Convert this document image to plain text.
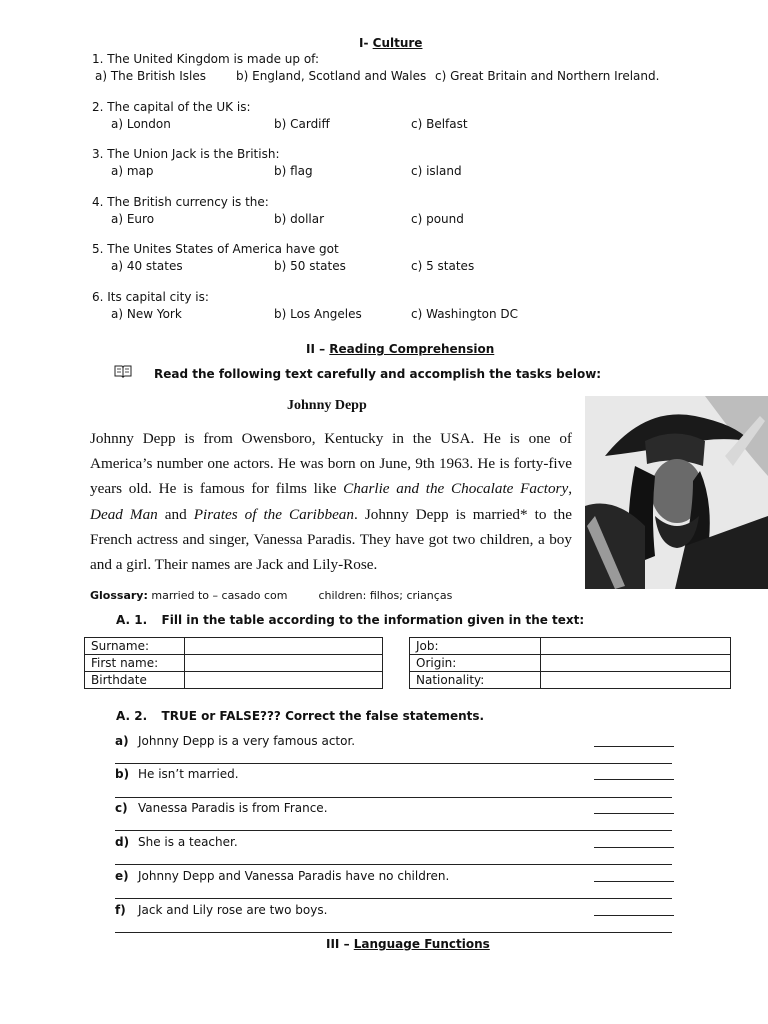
I- Culture
1. The United Kingdom is made up of:
a) The British Isles	b) England, Scotland and Wales c) Great Britain and Northern Ireland.
2. The capital of the UK is:
a) London	b) Cardiff	c) Belfast
3. The Union Jack is the British:
a) map	b) flag	c) island
4. The British currency is the:
a) Euro	b) dollar	c) pound
5. The Unites States of America have got
a) 40 states	b) 50 states	c) 5 states
6. Its capital city is:
a) New York	b) Los Angeles	c) Washington DC
II – Reading Comprehension
Read the following text carefully and accomplish the tasks below:
Johnny Depp
Johnny Depp is from Owensboro, Kentucky in the USA. He is one of America’s number one actors. He was born on June, 9th 1963. He is forty-five years old. He is famous for films like Charlie and the Chocalate Factory, Dead Man and Pirates of the Caribbean. Johnny Depp is married* to the French actress and singer, Vanessa Paradis. They have got two children, a boy and a girl. Their names are Jack and Lily-Rose.
Glossary: married to – casado com	children: filhos; crianças
A. 1. Fill in the table according to the information given in the text:
Surname:	
First name:	
Birthdate	
Job:	
Origin:	
Nationality:	
A. 2. TRUE or FALSE??? Correct the false statements.
a) Johnny Depp is a very famous actor.
b) He isn’t married.
c) Vanessa Paradis is from France.
d) She is a teacher.
e) Johnny Depp and Vanessa Paradis have no children.
f) Jack and Lily rose are two boys.
III – Language Functions
